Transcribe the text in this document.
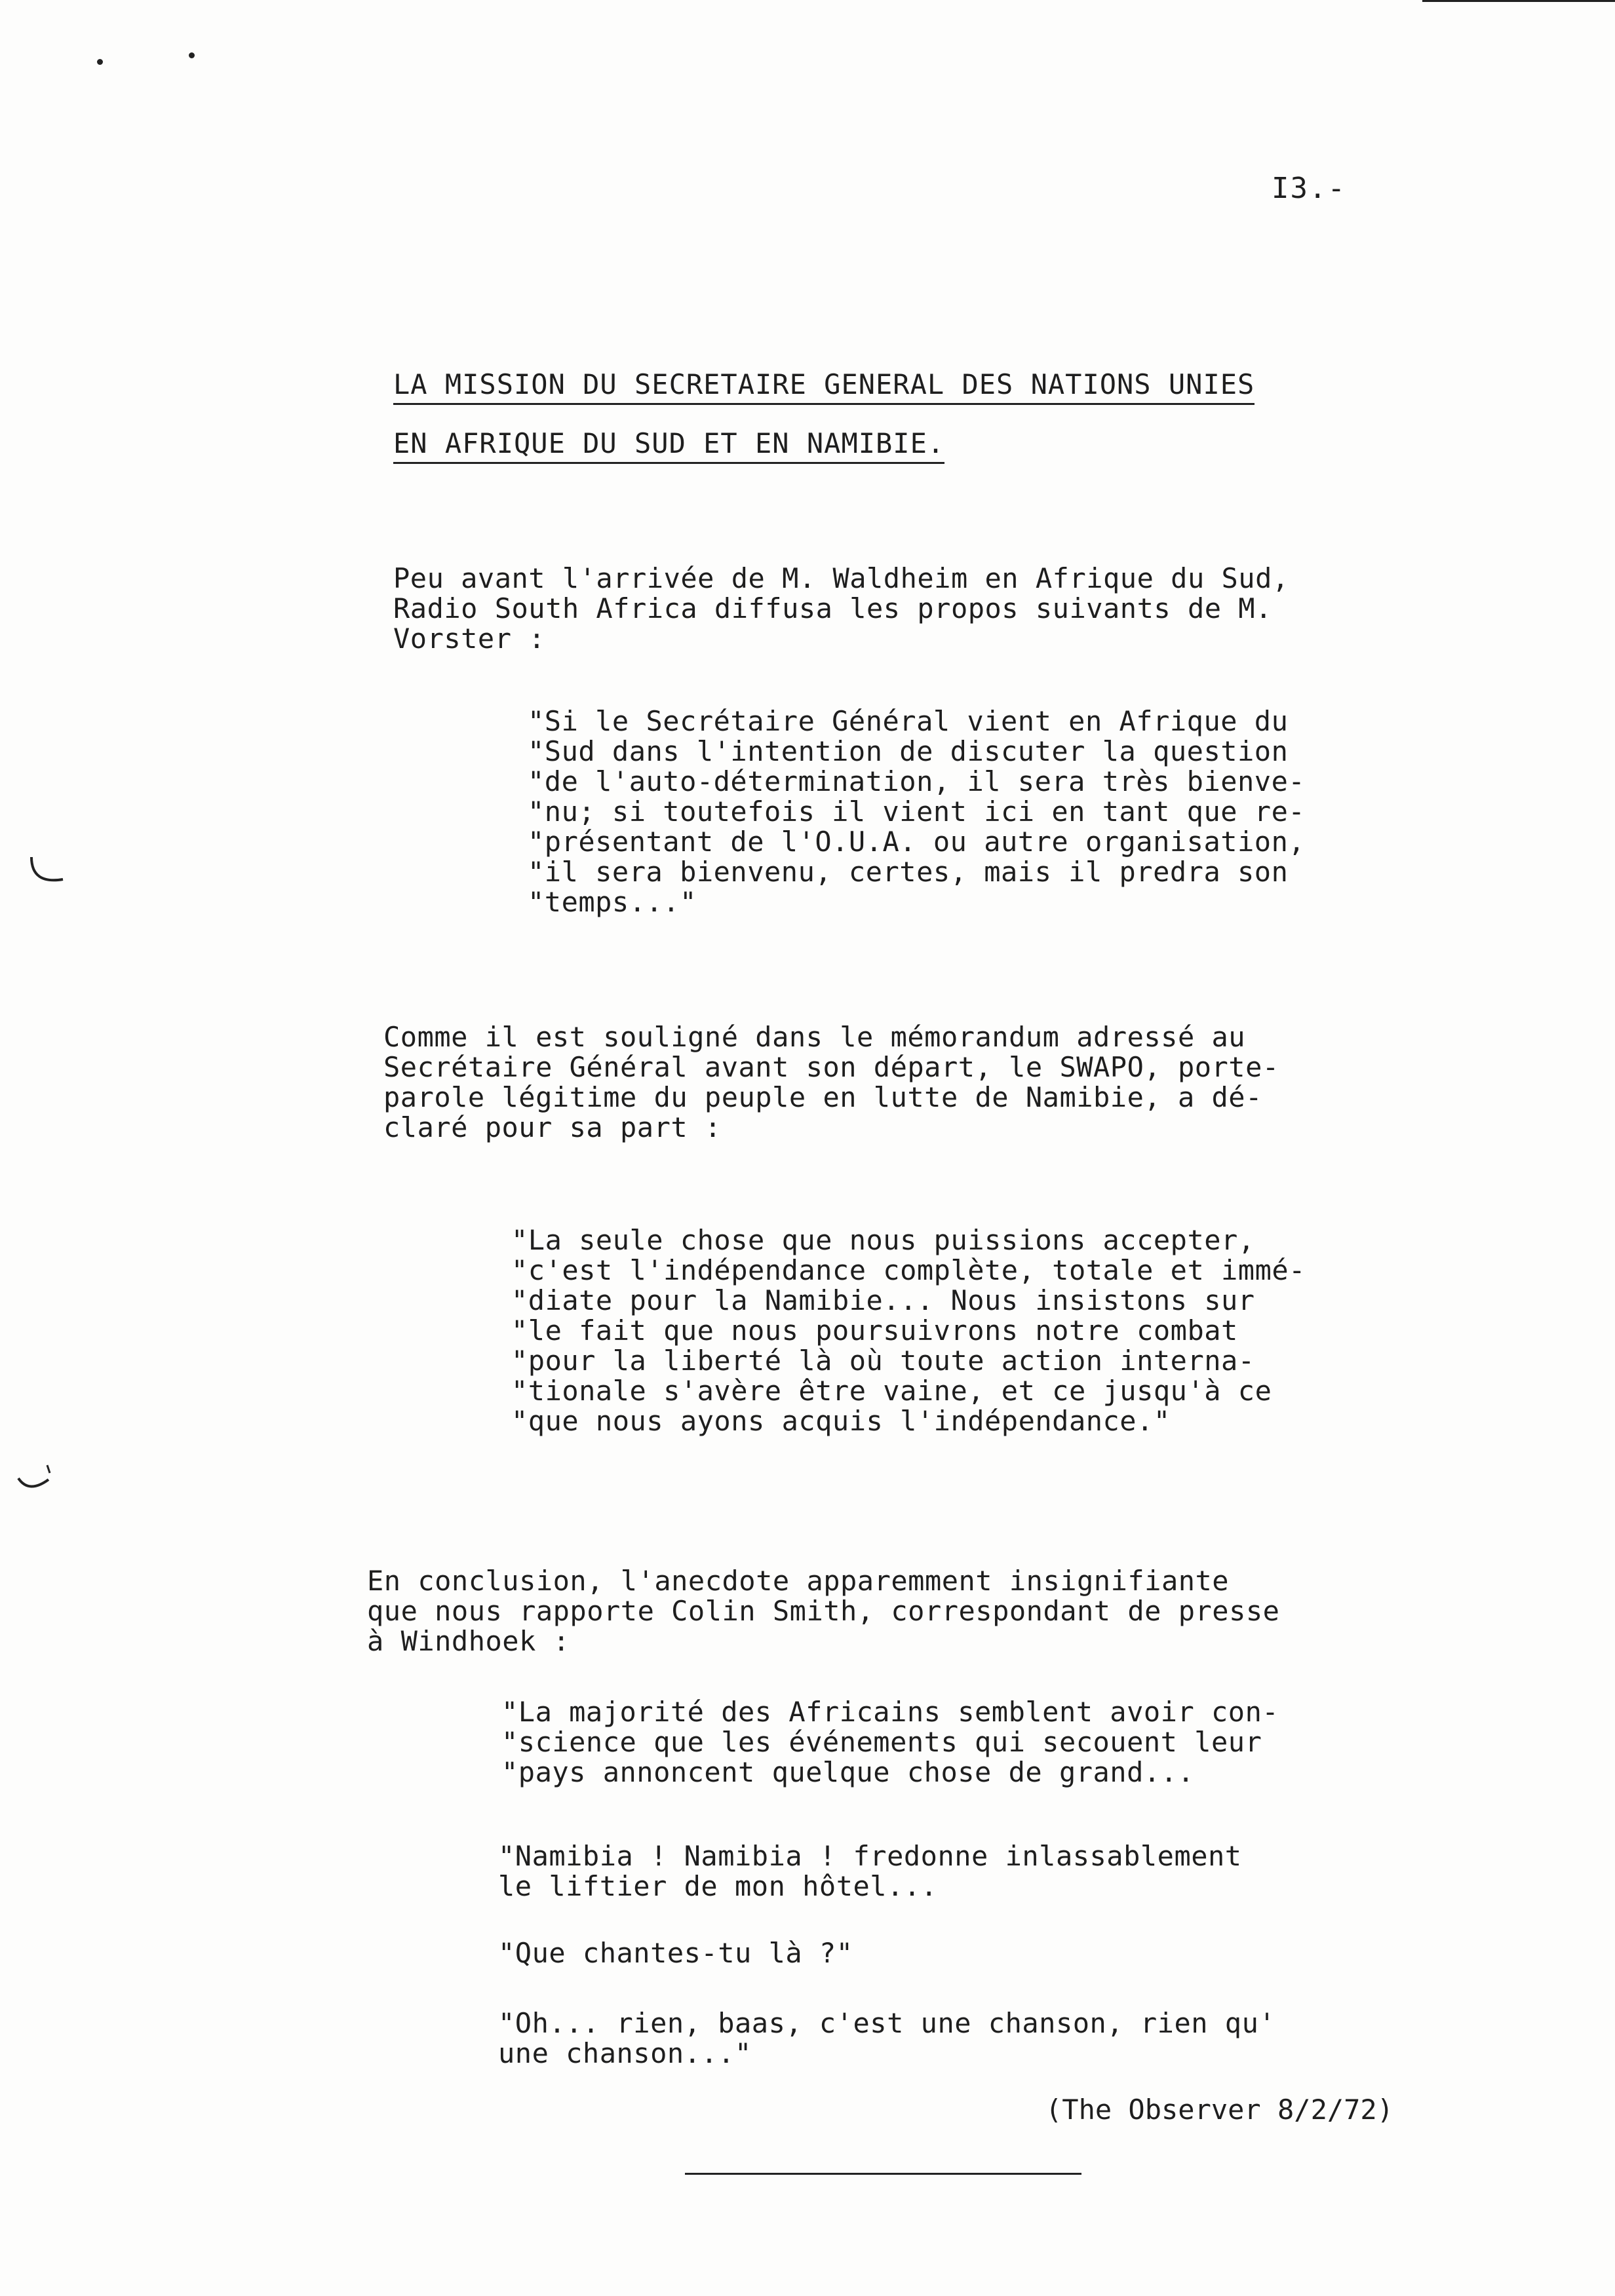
I3.-
LA MISSION DU SECRETAIRE GENERAL DES NATIONS UNIES
EN AFRIQUE DU SUD ET EN NAMIBIE.

Peu avant l'arrivée de M. Waldheim en Afrique du Sud,
Radio South Africa diffusa les propos suivants de M.
Vorster :

"Si le Secrétaire Général vient en Afrique du
"Sud dans l'intention de discuter la question
"de l'auto-détermination, il sera très bienve-
"nu; si toutefois il vient ici en tant que re-
"présentant de l'O.U.A. ou autre organisation,
"il sera bienvenu, certes, mais il predra son
"temps..."

Comme il est souligné dans le mémorandum adressé au
Secrétaire Général avant son départ, le SWAPO, porte-
parole légitime du peuple en lutte de Namibie, a dé-
claré pour sa part :

"La seule chose que nous puissions accepter,
"c'est l'indépendance complète, totale et immé-
"diate pour la Namibie... Nous insistons sur
"le fait que nous poursuivrons notre combat
"pour la liberté là où toute action interna-
"tionale s'avère être vaine, et ce jusqu'à ce
"que nous ayons acquis l'indépendance."

En conclusion, l'anecdote apparemment insignifiante
que nous rapporte Colin Smith, correspondant de presse
à Windhoek :

"La majorité des Africains semblent avoir con-
"science que les événements qui secouent leur
"pays annoncent quelque chose de grand...

"Namibia ! Namibia ! fredonne inlassablement
le liftier de mon hôtel...

"Que chantes-tu là ?"

"Oh... rien, baas, c'est une chanson, rien qu'
une chanson..."

(The Observer 8/2/72)
